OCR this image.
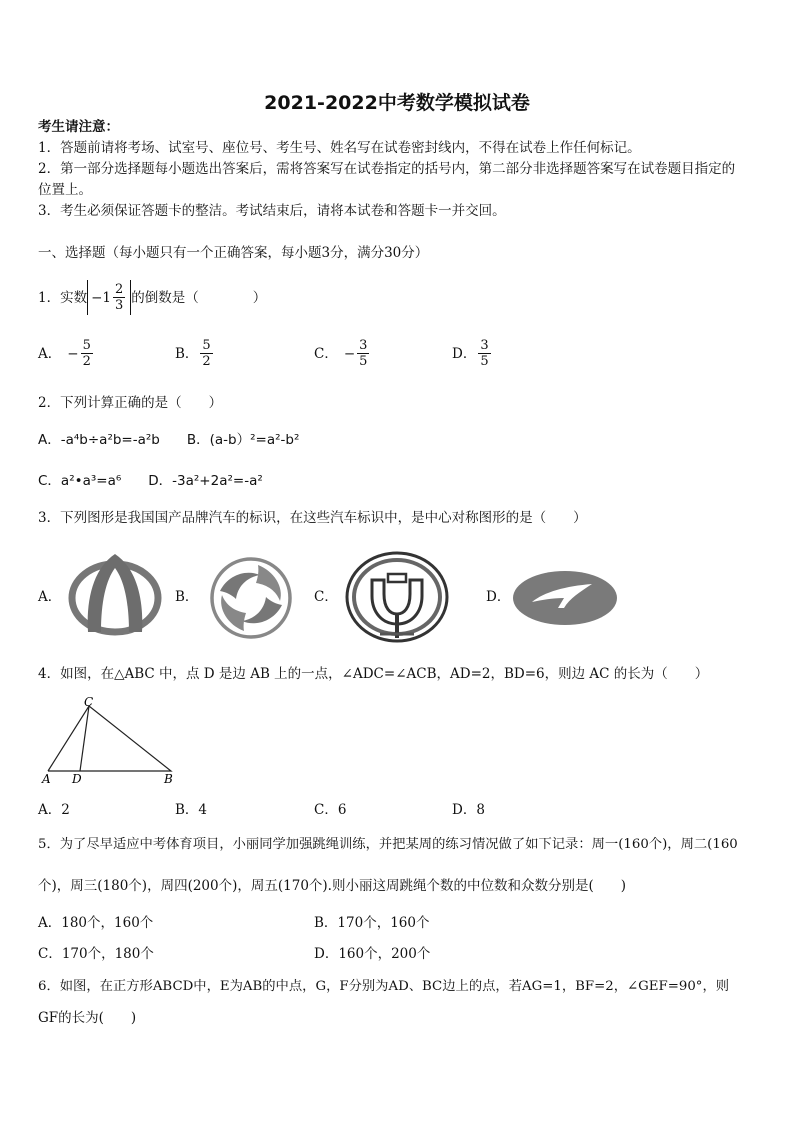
2021-2022中考数学模拟试卷
考生请注意：
1．答题前请将考场、试室号、座位号、考生号、姓名写在试卷密封线内，不得在试卷上作任何标记。
2．第一部分选择题每小题选出答案后，需将答案写在试卷指定的括号内，第二部分非选择题答案写在试卷题目指定的
位置上。
3．考生必须保证答题卡的整洁。考试结束后，请将本试卷和答题卡一并交回。
一、选择题（每小题只有一个正确答案，每小题3分，满分30分）
1．实数 $-1 \frac{2}{3}$ 的倒数是（　　　　）
A． − $\frac{5}{2}$	B． $\frac{5}{2}$	C． − $\frac{3}{5}$	D． $\frac{3}{5}$
2．下列计算正确的是（　　）
A．-a⁴b÷a²b=-a²b　　B．(a-b）²=a²-b²
C．a²•a³=a⁶　　D．-3a²+2a²=-a²
3．下列图形是我国国产品牌汽车的标识，在这些汽车标识中，是中心对称图形的是（　　）
A．	B．	C．	D．
4．如图，在△ABC 中，点 D 是边 AB 上的一点，∠ADC=∠ACB，AD=2，BD=6，则边 AC 的长为（　　）
C
A D	B
A．2	B．4	C．6	D．8
5．为了尽早适应中考体育项目，小丽同学加强跳绳训练，并把某周的练习情况做了如下记录：周一(160个)，周二(160
个)，周三(180个)，周四(200个)，周五(170个).则小丽这周跳绳个数的中位数和众数分别是(　　)
A．180个，160个	B．170个，160个
C．170个，180个	D．160个，200个
6．如图，在正方形ABCD中，E为AB的中点，G，F分别为AD、BC边上的点，若AG=1，BF=2，∠GEF=90°，则
GF的长为(　　)
